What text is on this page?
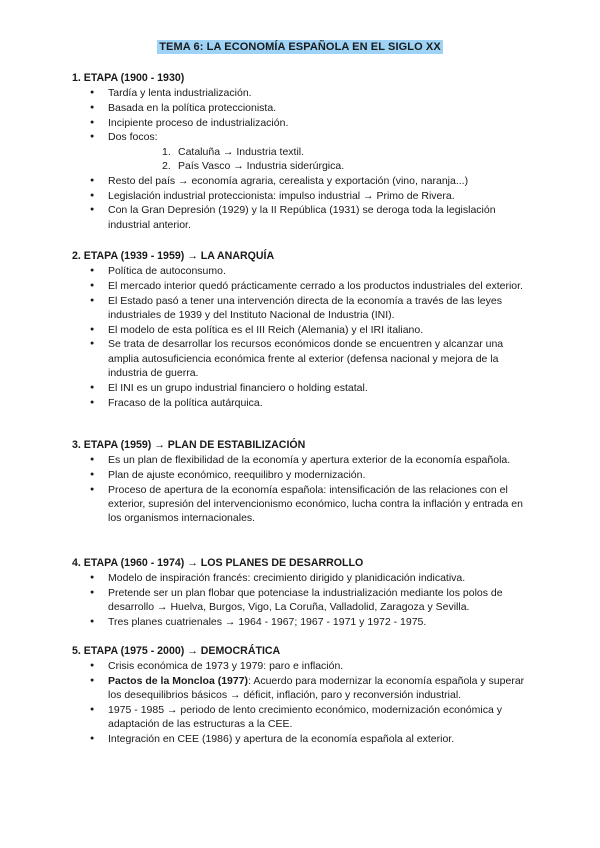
TEMA 6: LA ECONOMÍA ESPAÑOLA EN EL SIGLO XX
1. ETAPA (1900 - 1930)
● Tardía y lenta industrialización.
● Basada en la política proteccionista.
● Incipiente proceso de industrialización.
● Dos focos:
1. Cataluña → Industria textil.
2. País Vasco → Industria siderúrgica.
● Resto del país → economía agraria, cerealista y exportación (vino, naranja...)
● Legislación industrial proteccionista: impulso industrial → Primo de Rivera.
● Con la Gran Depresión (1929) y la II República (1931) se deroga toda la legislación industrial anterior.
2. ETAPA (1939 - 1959) → LA ANARQUÍA
● Política de autoconsumo.
● El mercado interior quedó prácticamente cerrado a los productos industriales del exterior.
● El Estado pasó a tener una intervención directa de la economía a través de las leyes industriales de 1939 y del Instituto Nacional de Industria (INI).
● El modelo de esta política es el III Reich (Alemania) y el IRI italiano.
● Se trata de desarrollar los recursos económicos donde se encuentren y alcanzar una amplia autosuficiencia económica frente al exterior (defensa nacional y mejora de la industria de guerra.
● El INI es un grupo industrial financiero o holding estatal.
● Fracaso de la política autárquica.
3. ETAPA (1959) → PLAN DE ESTABILIZACIÓN
● Es un plan de flexibilidad de la economía y apertura exterior de la economía española.
● Plan de ajuste económico, reequilibro y modernización.
● Proceso de apertura de la economía española: intensificación de las relaciones con el exterior, supresión del intervencionismo económico, lucha contra la inflación y entrada en los organismos internacionales.
4. ETAPA (1960 - 1974) → LOS PLANES DE DESARROLLO
● Modelo de inspiración francés: crecimiento dirigido y planidicación indicativa.
● Pretende ser un plan flobar que potenciase la industrialización mediante los polos de desarrollo → Huelva, Burgos, Vigo, La Coruña, Valladolid, Zaragoza y Sevilla.
● Tres planes cuatrienales → 1964 - 1967; 1967 - 1971 y 1972 - 1975.
5. ETAPA (1975 - 2000) → DEMOCRÁTICA
● Crisis económica de 1973 y 1979: paro e inflación.
● Pactos de la Moncloa (1977): Acuerdo para modernizar la economía española y superar los desequilibrios básicos → déficit, inflación, paro y reconversión industrial.
● 1975 - 1985 → periodo de lento crecimiento económico, modernización económica y adaptación de las estructuras a la CEE.
● Integración en CEE (1986) y apertura de la economía española al exterior.
